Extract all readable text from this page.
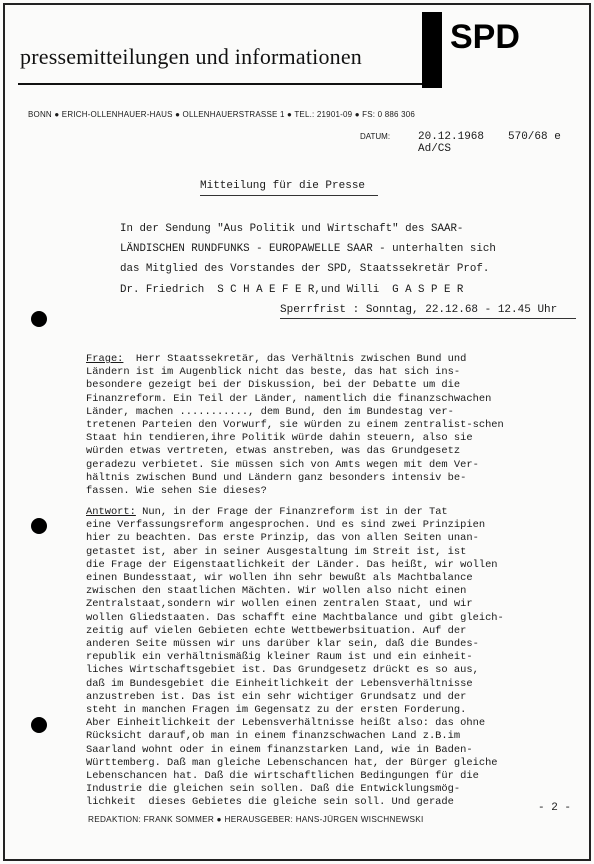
pressemitteilungen und informationen
SPD
BONN ● ERICH-OLLENHAUER-HAUS ● OLLENHAUERSTRASSE 1 ● TEL.: 21901-09 ● FS: 0 886 306
DATUM:	20.12.1968 570/68 e
Ad/CS
Mitteilung für die Presse
In der Sendung "Aus Politik und Wirtschaft" des SAAR-
LÄNDISCHEN RUNDFUNKS - EUROPAWELLE SAAR - unterhalten sich
das Mitglied des Vorstandes der SPD, Staatssekretär Prof.
Dr. Friedrich  S C H A E F E R,und Willi  G A S P E R
Sperrfrist : Sonntag, 22.12.68 - 12.45 Uhr
Frage:  Herr Staatssekretär, das Verhältnis zwischen Bund und
Ländern ist im Augenblick nicht das beste, das hat sich ins-
besondere gezeigt bei der Diskussion, bei der Debatte um die
Finanzreform. Ein Teil der Länder, namentlich die finanzschwachen
Länder, machen ..........., dem Bund, den im Bundestag ver-
tretenen Parteien den Vorwurf, sie würden zu einem zentralist-schen
Staat hin tendieren,ihre Politik würde dahin steuern, also sie
würden etwas vertreten, etwas anstreben, was das Grundgesetz
geradezu verbietet. Sie müssen sich von Amts wegen mit dem Ver-
hältnis zwischen Bund und Ländern ganz besonders intensiv be-
fassen. Wie sehen Sie dieses?
Antwort: Nun, in der Frage der Finanzreform ist in der Tat
eine Verfassungsreform angesprochen. Und es sind zwei Prinzipien
hier zu beachten. Das erste Prinzip, das von allen Seiten unan-
getastet ist, aber in seiner Ausgestaltung im Streit ist, ist
die Frage der Eigenstaatlichkeit der Länder. Das heißt, wir wollen
einen Bundesstaat, wir wollen ihn sehr bewußt als Machtbalance
zwischen den staatlichen Mächten. Wir wollen also nicht einen
Zentralstaat,sondern wir wollen einen zentralen Staat, und wir
wollen Gliedstaaten. Das schafft eine Machtbalance und gibt gleich-
zeitig auf vielen Gebieten echte Wettbewerbsituation. Auf der
anderen Seite müssen wir uns darüber klar sein, daß die Bundes-
republik ein verhältnismäßig kleiner Raum ist und ein einheit-
liches Wirtschaftsgebiet ist. Das Grundgesetz drückt es so aus,
daß im Bundesgebiet die Einheitlichkeit der Lebensverhältnisse
anzustreben ist. Das ist ein sehr wichtiger Grundsatz und der
steht in manchen Fragen im Gegensatz zu der ersten Forderung.
Aber Einheitlichkeit der Lebensverhältnisse heißt also: das ohne
Rücksicht darauf,ob man in einem finanzschwachen Land z.B.im
Saarland wohnt oder in einem finanzstarken Land, wie in Baden-
Württemberg. Daß man gleiche Lebenschancen hat, der Bürger gleiche
Lebenschancen hat. Daß die wirtschaftlichen Bedingungen für die
Industrie die gleichen sein sollen. Daß die Entwicklungsmög-
lichkeit  dieses Gebietes die gleiche sein soll. Und gerade	- 2 -
REDAKTION: FRANK SOMMER ● HERAUSGEBER: HANS-JÜRGEN WISCHNEWSKI
